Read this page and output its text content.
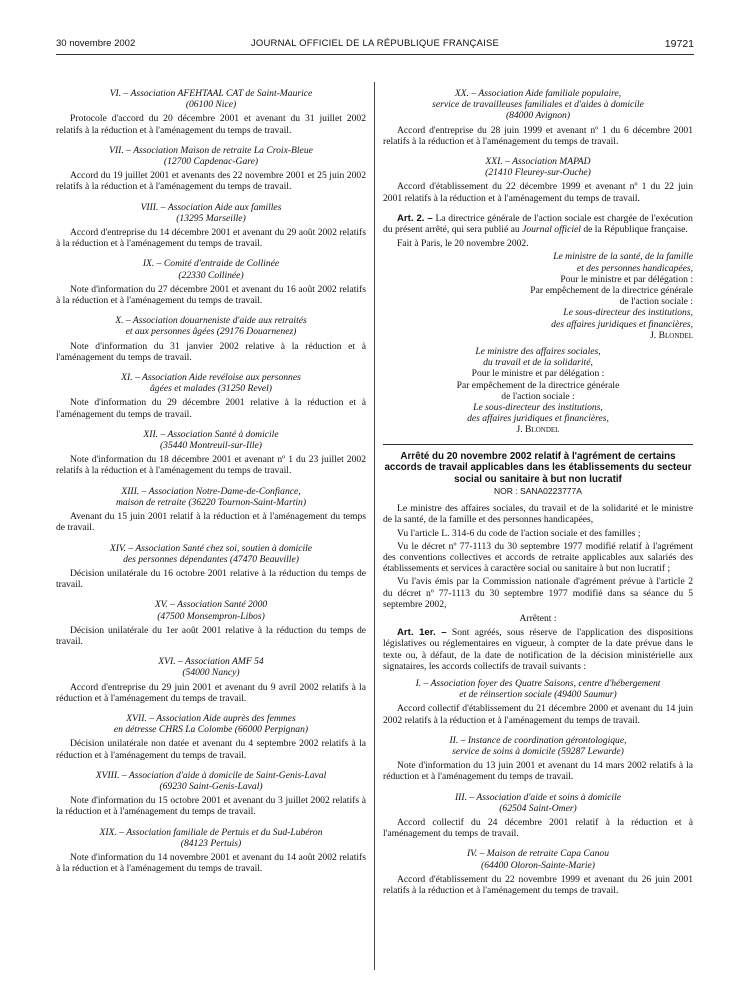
30 novembre 2002	JOURNAL OFFICIEL DE LA RÉPUBLIQUE FRANÇAISE	19721

VI. – Association AFEHTAAL CAT de Saint-Maurice

(06100 Nice)

Protocole d'accord du 20 décembre 2001 et avenant du 31 juillet 2002 relatifs à la réduction et à l'aménagement du temps de travail.

VII. – Association Maison de retraite La Croix-Bleue

(12700 Capdenac-Gare)

Accord du 19 juillet 2001 et avenants des 22 novembre 2001 et 25 juin 2002 relatifs à la réduction et à l'aménagement du temps de travail.

VIII. – Association Aide aux familles

(13295 Marseille)

Accord d'entreprise du 14 décembre 2001 et avenant du 29 août 2002 relatifs à la réduction et à l'aménagement du temps de travail.

IX. – Comité d'entraide de Collinée

(22330 Collinée)

Note d'information du 27 décembre 2001 et avenant du 16 août 2002 relatifs à la réduction et à l'aménagement du temps de travail.

X. – Association douarneniste d'aide aux retraités

et aux personnes âgées (29176 Douarnenez)

Note d'information du 31 janvier 2002 relative à la réduction et à l'aménagement du temps de travail.

XI. – Association Aide revéloise aux personnes

âgées et malades (31250 Revel)

Note d'information du 29 décembre 2001 relative à la réduction et à l'aménagement du temps de travail.

XII. – Association Santé à domicile

(35440 Montreuil-sur-Ille)

Note d'information du 18 décembre 2001 et avenant nº 1 du 23 juillet 2002 relatifs à la réduction et à l'aménagement du temps de travail.

XIII. – Association Notre-Dame-de-Confiance,

maison de retraite (36220 Tournon-Saint-Martin)

Avenant du 15 juin 2001 relatif à la réduction et à l'aménagement du temps de travail.

XIV. – Association Santé chez soi, soutien à domicile

des personnes dépendantes (47470 Beauville)

Décision unilatérale du 16 octobre 2001 relative à la réduction du temps de travail.

XV. – Association Santé 2000

(47500 Monsempron-Libos)

Décision unilatérale du 1er août 2001 relative à la réduction du temps de travail.

XVI. – Association AMF 54

(54000 Nancy)

Accord d'entreprise du 29 juin 2001 et avenant du 9 avril 2002 relatifs à la réduction et à l'aménagement du temps de travail.

XVII. – Association Aide auprès des femmes

en détresse CHRS La Colombe (66000 Perpignan)

Décision unilatérale non datée et avenant du 4 septembre 2002 relatifs à la réduction et à l'aménagement du temps de travail.

XVIII. – Association d'aide à domicile de Saint-Genis-Laval

(69230 Saint-Genis-Laval)

Note d'information du 15 octobre 2001 et avenant du 3 juillet 2002 relatifs à la réduction et à l'aménagement du temps de travail.

XIX. – Association familiale de Pertuis et du Sud-Lubéron

(84123 Pertuis)

Note d'information du 14 novembre 2001 et avenant du 14 août 2002 relatifs à la réduction et à l'aménagement du temps de travail.

XX. – Association Aide familiale populaire,

service de travailleuses familiales et d'aides à domicile

(84000 Avignon)

Accord d'entreprise du 28 juin 1999 et avenant nº 1 du 6 décembre 2001 relatifs à la réduction et à l'aménagement du temps de travail.

XXI. – Association MAPAD

(21410 Fleurey-sur-Ouche)

Accord d'établissement du 22 décembre 1999 et avenant nº 1 du 22 juin 2001 relatifs à la réduction et à l'aménagement du temps de travail.

Art. 2. – La directrice générale de l'action sociale est chargée de l'exécution du présent arrêté, qui sera publié au Journal officiel de la République française.

Fait à Paris, le 20 novembre 2002.

Le ministre de la santé, de la famille

et des personnes handicapées,

Pour le ministre et par délégation :

Par empêchement de la directrice générale

de l'action sociale :

Le sous-directeur des institutions,

des affaires juridiques et financières,

J. Blondel

Le ministre des affaires sociales,

du travail et de la solidarité,

Pour le ministre et par délégation :

Par empêchement de la directrice générale

de l'action sociale :

Le sous-directeur des institutions,

des affaires juridiques et financières,

J. Blondel

Arrêté du 20 novembre 2002 relatif à l'agrément de certains accords de travail applicables dans les établissements du secteur social ou sanitaire à but non lucratif

NOR : SANA0223777A

Le ministre des affaires sociales, du travail et de la solidarité et le ministre de la santé, de la famille et des personnes handicapées,

Vu l'article L. 314-6 du code de l'action sociale et des familles ;

Vu le décret nº 77-1113 du 30 septembre 1977 modifié relatif à l'agrément des conventions collectives et accords de retraite applicables aux salariés des établissements et services à caractère social ou sanitaire à but non lucratif ;

Vu l'avis émis par la Commission nationale d'agrément prévue à l'article 2 du décret nº 77-1113 du 30 septembre 1977 modifié dans sa séance du 5 septembre 2002,

Arrêtent :

Art. 1er. – Sont agréés, sous réserve de l'application des dispositions législatives ou réglementaires en vigueur, à compter de la date prévue dans le texte ou, à défaut, de la date de notification de la décision ministérielle aux signataires, les accords collectifs de travail suivants :

I. – Association foyer des Quatre Saisons, centre d'hébergement

et de réinsertion sociale (49400 Saumur)

Accord collectif d'établissement du 21 décembre 2000 et avenant du 14 juin 2002 relatifs à la réduction et à l'aménagement du temps de travail.

II. – Instance de coordination gérontologique,

service de soins à domicile (59287 Lewarde)

Note d'information du 13 juin 2001 et avenant du 14 mars 2002 relatifs à la réduction et à l'aménagement du temps de travail.

III. – Association d'aide et soins à domicile

(62504 Saint-Omer)

Accord collectif du 24 décembre 2001 relatif à la réduction et à l'aménagement du temps de travail.

IV. – Maison de retraite Capa Canou

(64400 Oloron-Sainte-Marie)

Accord d'établissement du 22 novembre 1999 et avenant du 26 juin 2001 relatifs à la réduction et à l'aménagement du temps de travail.
